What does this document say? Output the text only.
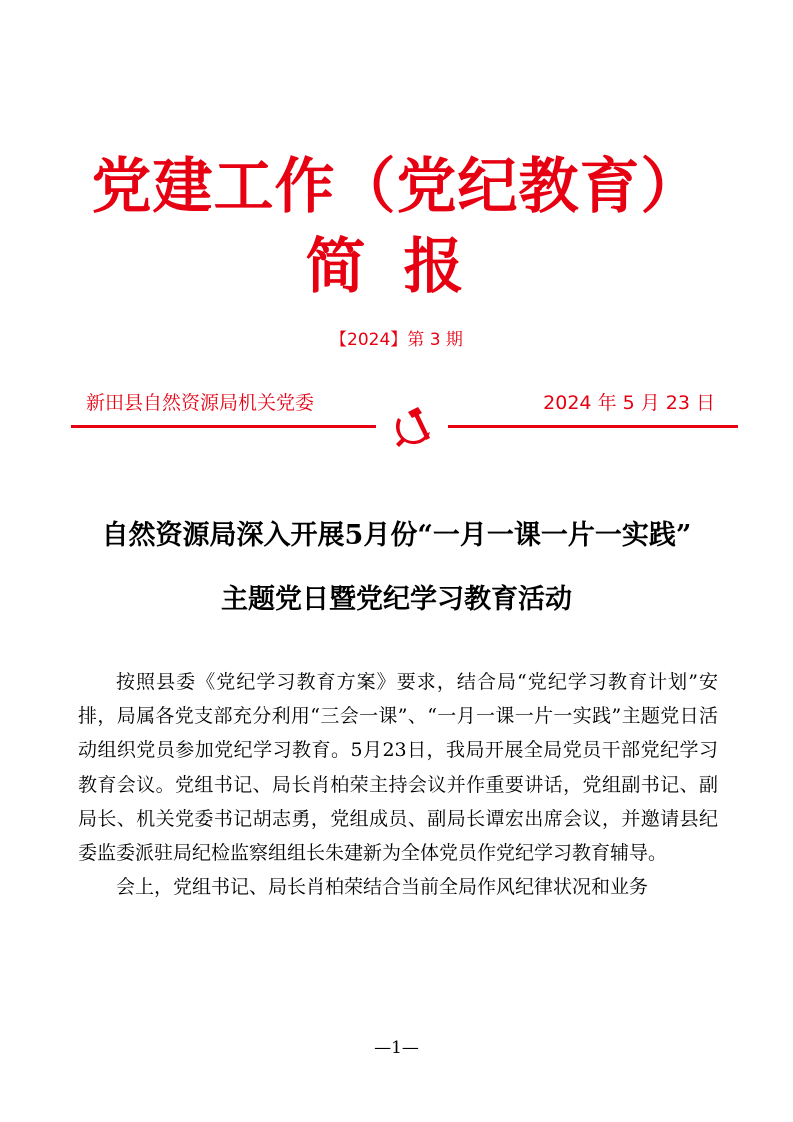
党建工作（党纪教育）
简报
【2024】第 3 期
新田县自然资源局机关党委	2024 年 5 月 23 日
自然资源局深入开展5月份“一月一课一片一实践”
主题党日暨党纪学习教育活动

按照县委《党纪学习教育方案》要求，结合局“党纪学习教育计划”安排，局属各党支部充分利用“三会一课”、“一月一课一片一实践”主题党日活动组织党员参加党纪学习教育。5月23日，我局开展全局党员干部党纪学习教育会议。党组书记、局长肖柏荣主持会议并作重要讲话，党组副书记、副局长、机关党委书记胡志勇，党组成员、副局长谭宏出席会议，并邀请县纪委监委派驻局纪检监察组组长朱建新为全体党员作党纪学习教育辅导。

会上，党组书记、局长肖柏荣结合当前全局作风纪律状况和业务

—1—
